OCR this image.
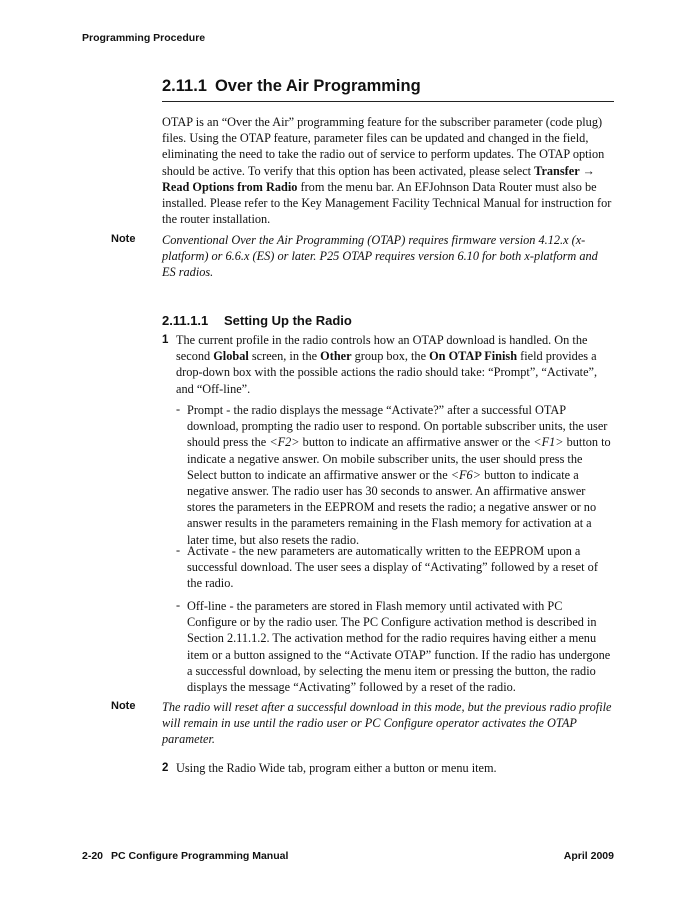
Programming Procedure
2.11.1 Over the Air Programming
OTAP is an “Over the Air” programming feature for the subscriber parameter (code plug) files. Using the OTAP feature, parameter files can be updated and changed in the field, eliminating the need to take the radio out of service to perform updates. The OTAP option should be active. To verify that this option has been activated, please select Transfer → Read Options from Radio from the menu bar. An EFJohnson Data Router must also be installed. Please refer to the Key Management Facility Technical Manual for instruction for the router installation.
Note Conventional Over the Air Programming (OTAP) requires firmware version 4.12.x (x-platform) or 6.6.x (ES) or later. P25 OTAP requires version 6.10 for both x-platform and ES radios.
2.11.1.1 Setting Up the Radio
1 The current profile in the radio controls how an OTAP download is handled. On the second Global screen, in the Other group box, the On OTAP Finish field provides a drop-down box with the possible actions the radio should take: “Prompt”, “Activate”, and “Off-line”.
- Prompt - the radio displays the message “Activate?” after a successful OTAP download, prompting the radio user to respond. On portable subscriber units, the user should press the <F2> button to indicate an affirmative answer or the <F1> button to indicate a negative answer. On mobile subscriber units, the user should press the Select button to indicate an affirmative answer or the <F6> button to indicate a negative answer. The radio user has 30 seconds to answer. An affirmative answer stores the parameters in the EEPROM and resets the radio; a negative answer or no answer results in the parameters remaining in the Flash memory for activation at a later time, but also resets the radio.
- Activate - the new parameters are automatically written to the EEPROM upon a successful download. The user sees a display of “Activating” followed by a reset of the radio.
- Off-line - the parameters are stored in Flash memory until activated with PC Configure or by the radio user. The PC Configure activation method is described in Section 2.11.1.2. The activation method for the radio requires having either a menu item or a button assigned to the “Activate OTAP” function. If the radio has undergone a successful download, by selecting the menu item or pressing the button, the radio displays the message “Activating” followed by a reset of the radio.
Note The radio will reset after a successful download in this mode, but the previous radio profile will remain in use until the radio user or PC Configure operator activates the OTAP parameter.
2 Using the Radio Wide tab, program either a button or menu item.
2-20 PC Configure Programming Manual	April 2009
